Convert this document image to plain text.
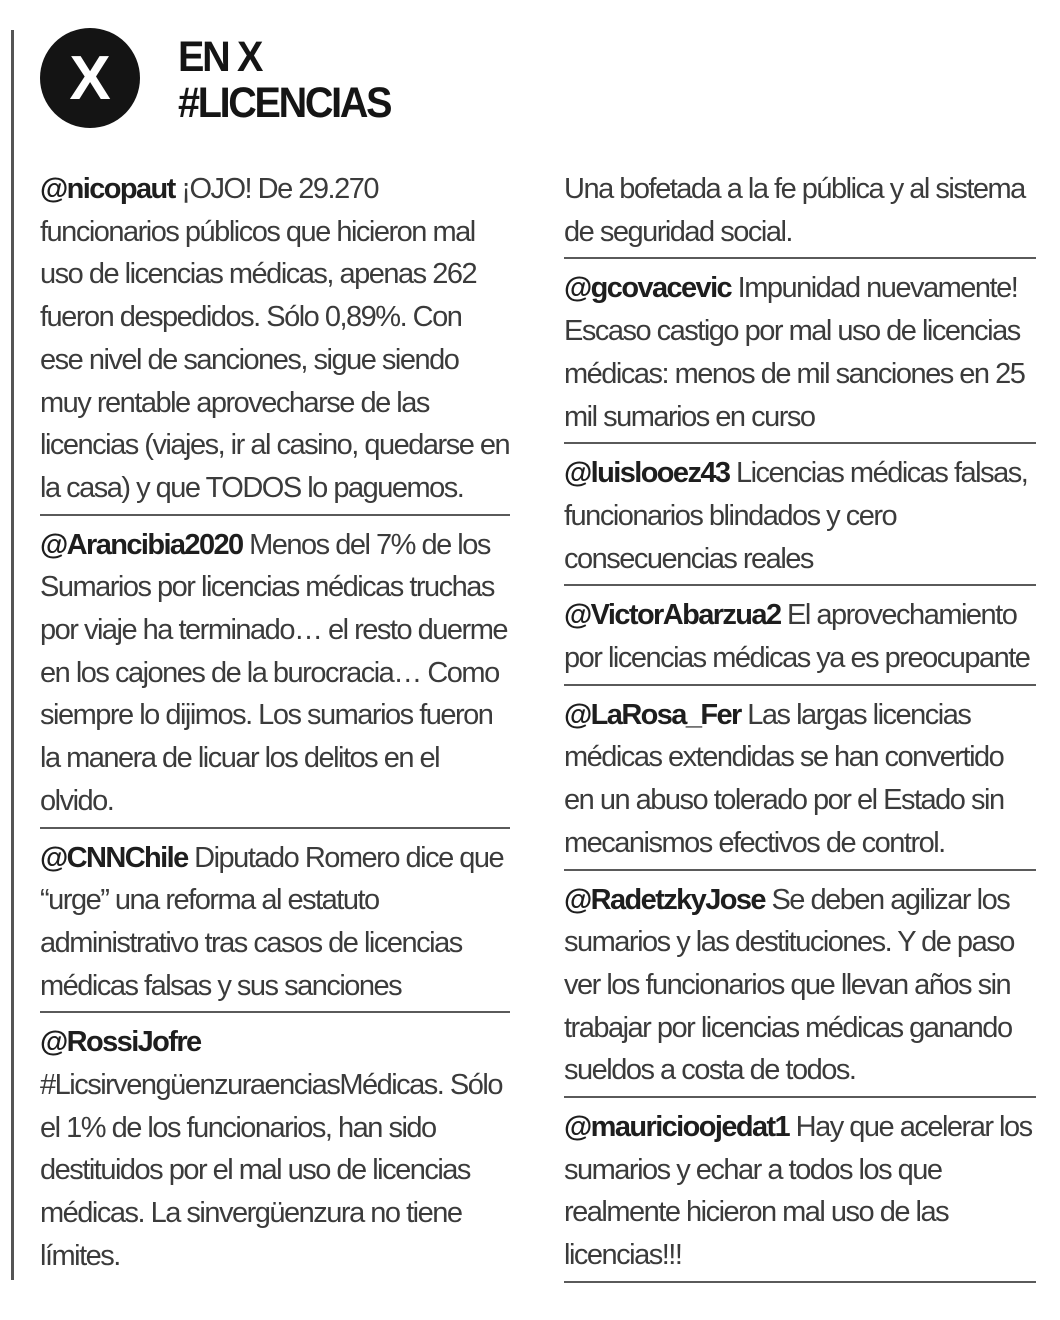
X EN X
#LICENCIAS
@nicopaut ¡OJO! De 29.270 funcionarios públicos que hicieron mal uso de licencias médicas, apenas 262 fueron despedidos. Sólo 0,89%. Con ese nivel de sanciones, sigue siendo muy rentable aprovecharse de las licencias (viajes, ir al casino, quedarse en la casa) y que TODOS lo paguemos.
@Arancibia2020 Menos del 7% de los Sumarios por licencias médicas truchas por viaje ha terminado… el resto duerme en los cajones de la burocracia… Como siempre lo dijimos. Los sumarios fueron la manera de licuar los delitos en el olvido.
@CNNChile Diputado Romero dice que “urge” una reforma al estatuto administrativo tras casos de licencias médicas falsas y sus sanciones
@RossiJofre #LicsirvengüenzuraenciasMédicas. Sólo el 1% de los funcionarios, han sido destituidos por el mal uso de licencias médicas. La sinvergüenzura no tiene límites.
Una bofetada a la fe pública y al sistema de seguridad social.
@gcovacevic Impunidad nuevamente! Escaso castigo por mal uso de licencias médicas: menos de mil sanciones en 25 mil sumarios en curso
@luislooez43 Licencias médicas falsas, funcionarios blindados y cero consecuencias reales
@VictorAbarzua2 El aprovechamiento por licencias médicas ya es preocupante
@LaRosa_Fer Las largas licencias médicas extendidas se han convertido en un abuso tolerado por el Estado sin mecanismos efectivos de control.
@RadetzkyJose Se deben agilizar los sumarios y las destituciones. Y de paso ver los funcionarios que llevan años sin trabajar por licencias médicas ganando sueldos a costa de todos.
@mauricioojedat1 Hay que acelerar los sumarios y echar a todos los que realmente hicieron mal uso de las licencias!!!
